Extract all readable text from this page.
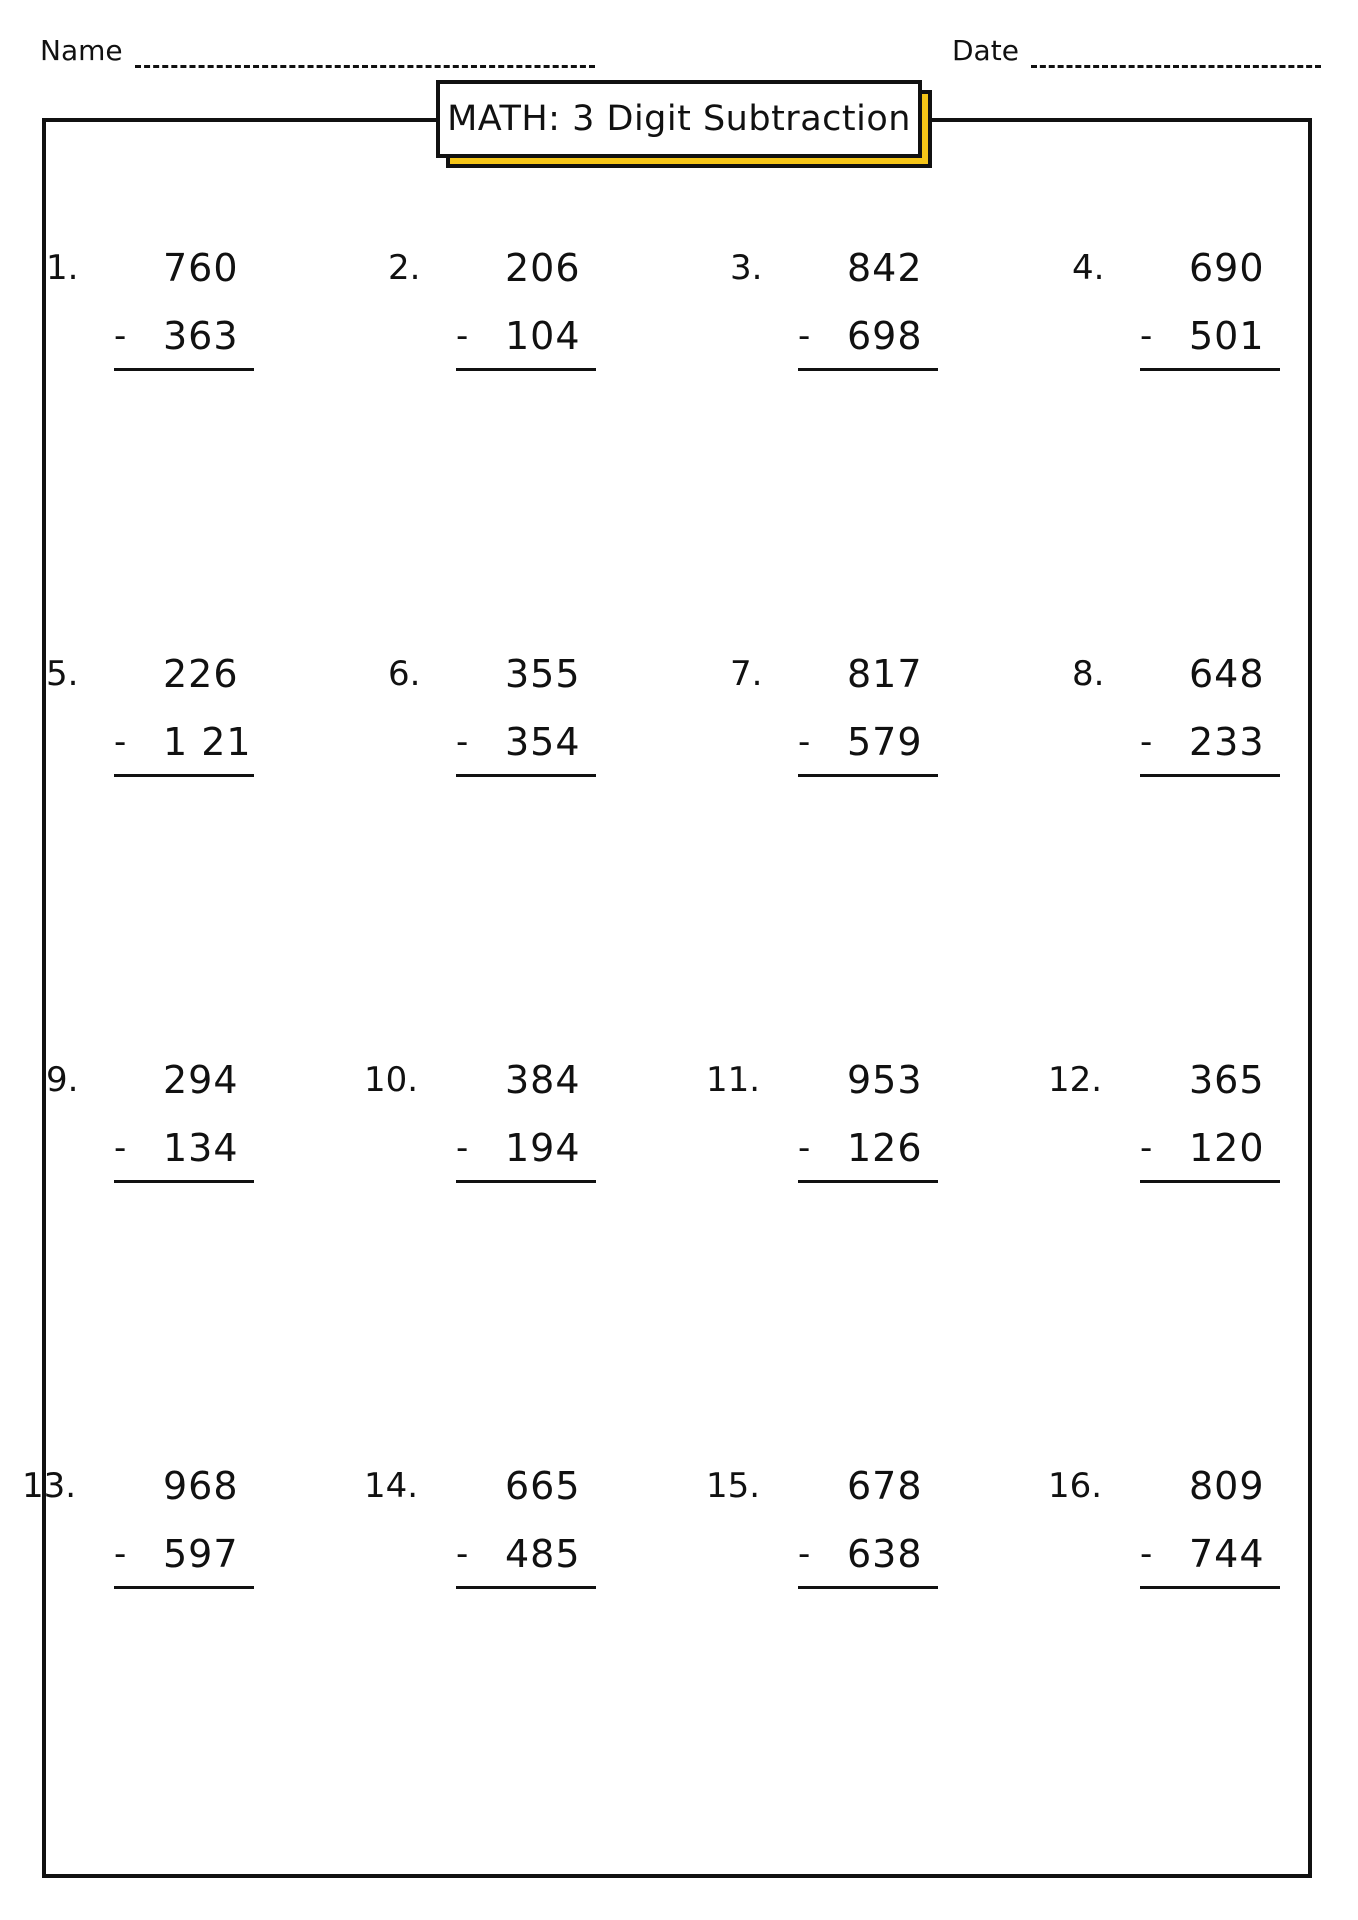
Name	Date
MATH: 3 Digit Subtraction
1. 760
- 363
2. 206
- 104
3. 842
- 698
4. 690
- 501
5. 226
- 1 21
6. 355
- 354
7. 817
- 579
8. 648
- 233
9. 294
- 134
10. 384
- 194
11. 953
- 126
12. 365
- 120
13. 968
- 597
14. 665
- 485
15. 678
- 638
16. 809
- 744
